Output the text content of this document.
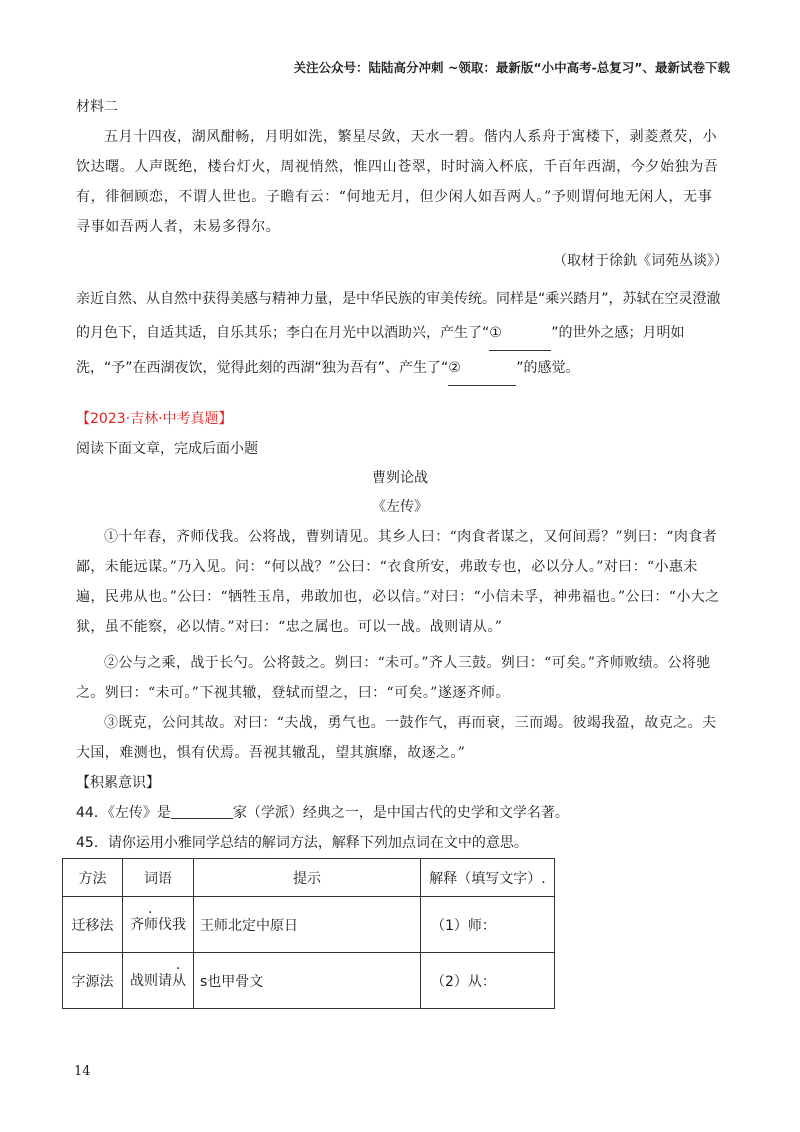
关注公众号：陆陆高分冲刺 ~领取：最新版“小中高考-总复习”、最新试卷下载
材料二
五月十四夜，湖风酣畅，月明如洗，繁星尽敛，天水一碧。偕内人系舟于寓楼下，剥菱煮芡，小饮达曙。人声既绝，楼台灯火，周视悄然，惟四山苍翠，时时滴入杯底，千百年西湖，今夕始独为吾有，徘徊顾恋，不谓人世也。子瞻有云：“何地无月，但少闲人如吾两人。”予则谓何地无闲人，无事寻事如吾两人者，未易多得尔。
（取材于徐釚《词苑丛谈》）
亲近自然、从自然中获得美感与精神力量，是中华民族的审美传统。同样是“乘兴踏月”，苏轼在空灵澄澈的月色下，自适其适，自乐其乐；李白在月光中以酒助兴，产生了“①	”的世外之感；月明如洗，“予”在西湖夜饮，觉得此刻的西湖“独为吾有”、产生了“②	”的感觉。
【2023·吉林·中考真题】
阅读下面文章，完成后面小题
曹刿论战
《左传》
①十年春，齐师伐我。公将战，曹刿请见。其乡人曰：“肉食者谋之，又何间焉？”刿曰：“肉食者鄙，未能远谋。”乃入见。问：“何以战？”公曰：“衣食所安，弗敢专也，必以分人。”对曰：“小惠未遍，民弗从也。”公曰：“牺牲玉帛，弗敢加也，必以信。”对曰：“小信未孚，神弗福也。”公曰：“小大之狱，虽不能察，必以情。”对曰：“忠之属也。可以一战。战则请从。”
②公与之乘，战于长勺。公将鼓之。刿曰：“未可。”齐人三鼓。刿曰：“可矣。”齐师败绩。公将驰之。刿曰：“未可。”下视其辙，登轼而望之，曰：“可矣。”遂逐齐师。
③既克，公问其故。对曰：“夫战，勇气也。一鼓作气，再而衰，三而竭。彼竭我盈，故克之。夫大国，难测也，惧有伏焉。吾视其辙乱，望其旗靡，故逐之。”
【积累意识】
44．《左传》是	家（学派）经典之一，是中国古代的史学和文学名著。
45．请你运用小雅同学总结的解词方法，解释下列加点词在文中的意思。
方法	词语	提示	解释（填写文字）.
迁移法	齐师伐我	王师北定中原日	（1）师：
字源法	战则请从	s也甲骨文	（2）从：
14
